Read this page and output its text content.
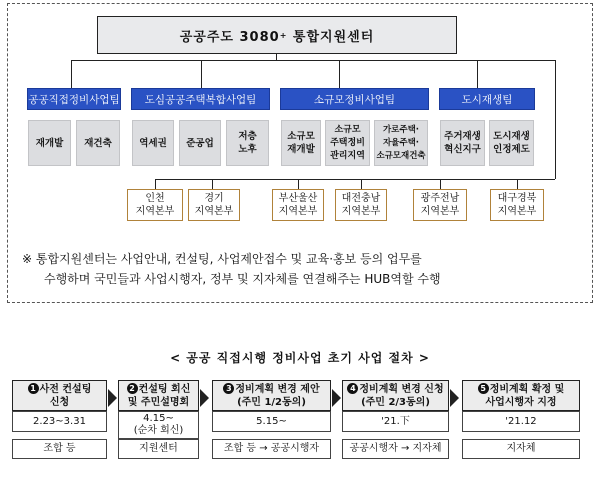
공공주도 3080 + 통합지원센터
공공직접정비사업팀	도심공공주택복합사업팀	소규모정비사업팀	도시재생팀
재개발	재건축	역세권	준공업
저층
노후
소규모
재개발
소규모
주택정비
관리지역
가로주택·
자율주택·
소규모재건축
주거재생
혁신지구
도시재생
인정제도
인천
지역본부
경기
지역본부
부산울산
지역본부
대전충남
지역본부
광주전남
지역본부
대구경북
지역본부
※ 통합지원센터는 사업안내, 컨설팅, 사업제안접수 및 교육·홍보 등의 업무를
수행하며 국민들과 사업시행자, 정부 및 지자체를 연결해주는 HUB역할 수행
< 공공 직접시행 정비사업 초기 사업 절차 >
1 사전 컨설팅
신청
2.23~3.31
조합 등
2 컨설팅 회신
및 주민설명회
4.15~
(순차 회신)
지원센터
3 정비계획 변경 제안
(주민 1/2동의)
5.15~
조합 등 → 공공시행자
4 정비계획 변경 신청
(주민 2/3동의)
'21.下
공공시행자 → 지자체
5 정비계획 확정 및
사업시행자 지정
'21.12
지자체
